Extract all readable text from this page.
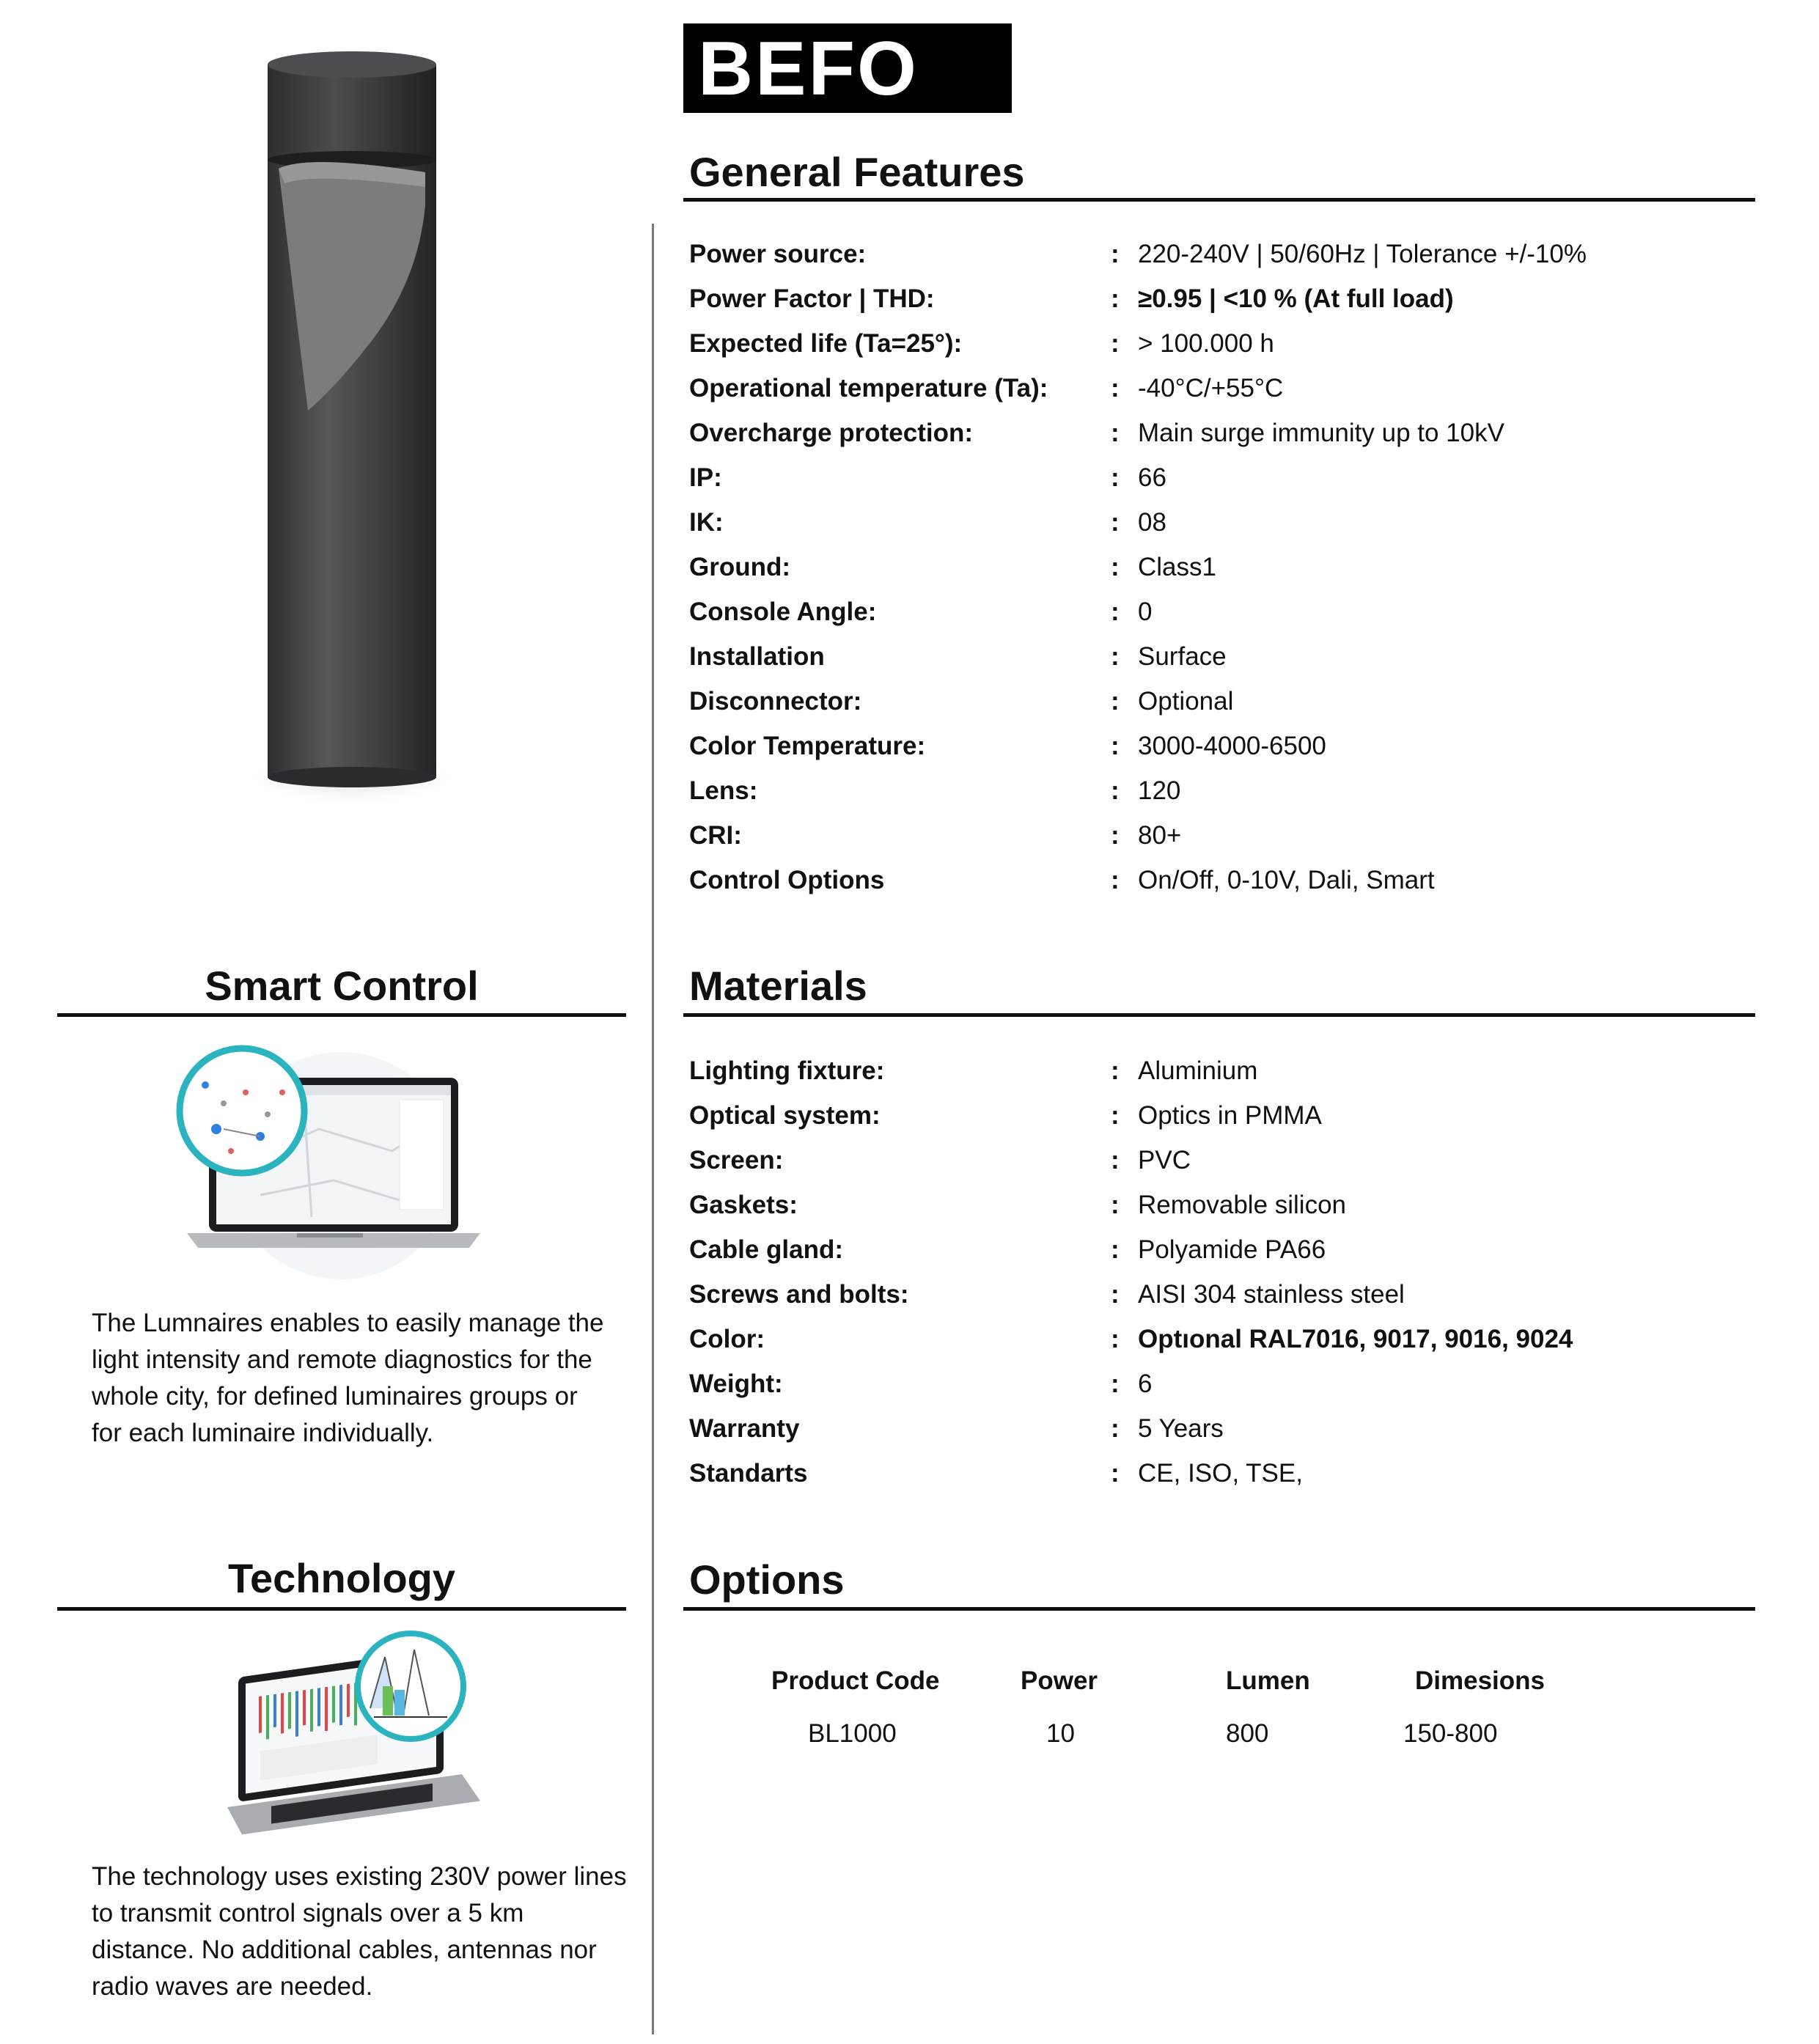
BEFO
General Features
Power source:	: 220-240V | 50/60Hz | Tolerance +/-10%
Power Factor | THD:	: ≥0.95 | <10 % (At full load)
Expected life (Ta=25°):	: > 100.000 h
Operational temperature (Ta): : -40°C/+55°C
Overcharge protection:	: Main surge immunity up to 10kV
IP:	: 66
IK:	: 08
Ground:	: Class1
Console Angle:	: 0
Installation	: Surface
Disconnector:	: Optional
Color Temperature:	: 3000-4000-6500
Lens:	: 120
CRI:	: 80+
Control Options	: On/Off, 0-10V, Dali, Smart
Materials
Lighting fixture:	: Aluminium
Optical system:	: Optics in PMMA
Screen:	: PVC
Gaskets:	: Removable silicon
Cable gland:	: Polyamide PA66
Screws and bolts:	: AISI 304 stainless steel
Color:	: Optıonal RAL7016, 9017, 9016, 9024
Weight:	: 6
Warranty	: 5 Years
Standarts	: CE, ISO, TSE,
Options
Product Code	Power	Lumen	Dimesions
BL1000	10	800	150-800
Smart Control
The Lumnaires enables to easily manage the
light intensity and remote diagnostics for the
whole city, for defined luminaires groups or
for each luminaire individually.
Technology
The technology uses existing 230V power lines
to transmit control signals over a 5 km
distance. No additional cables, antennas nor
radio waves are needed.
